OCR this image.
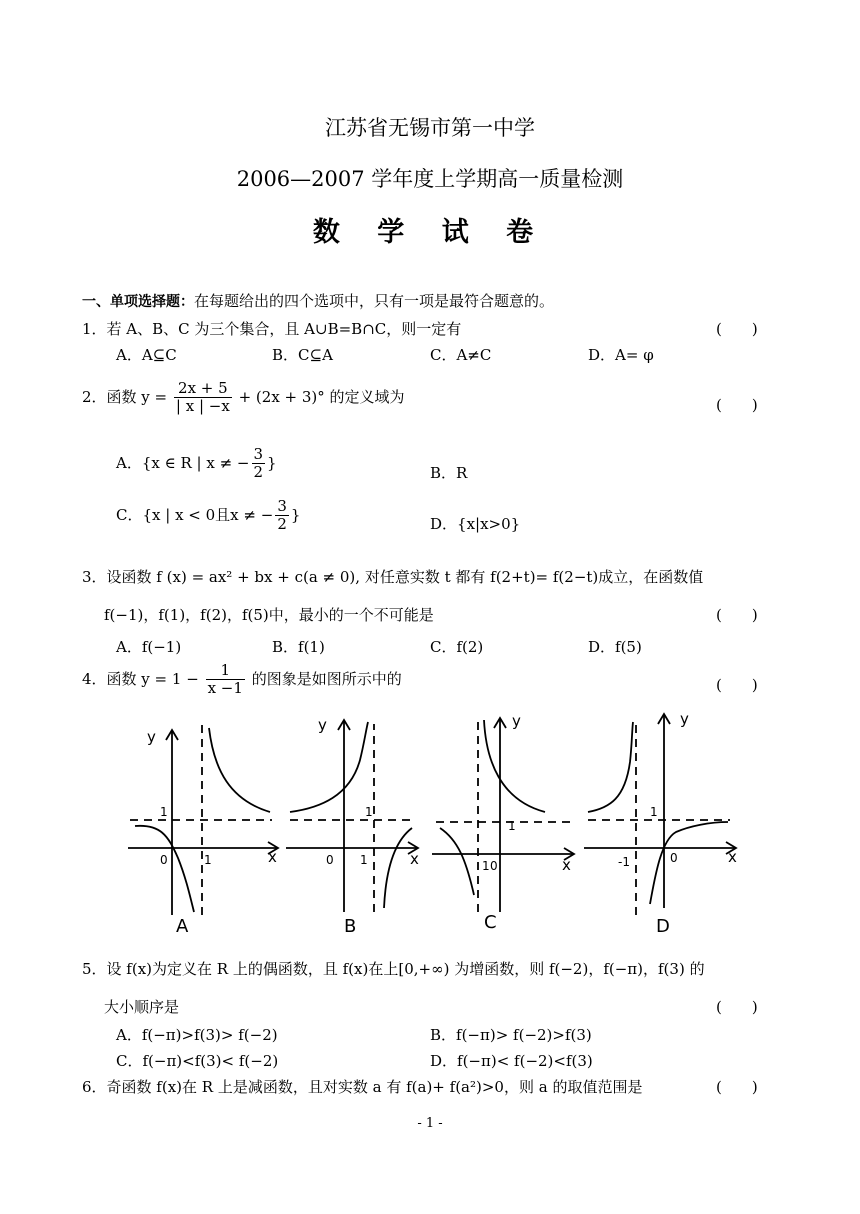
江苏省无锡市第一中学
2006—2007 学年度上学期高一质量检测
数 学 试 卷
一、单项选择题：在每题给出的四个选项中，只有一项是最符合题意的。
1．若 A、B、C 为三个集合，且 A∪B=B∩C，则一定有	(　　)
A．A⊆C	B．C⊆A	C．A≠C	D．A= φ
2．函数 $y = \frac{2x + 5}{| x | -x} + (2x + 3)^\circ$ 的定义域为	(　　)
A．{x ∈ R | x ≠ − $\frac{3}{2}$ }
B．R
C．{x | x < 0且x ≠ − $\frac{3}{2}$ }
D．{x|x>0}
3．设函数 f (x) = ax² + bx + c(a ≠ 0), 对任意实数 t 都有 f(2+t)= f(2−t)成立，在函数值
f(−1)，f(1)，f(2)，f(5)中，最小的一个不可能是	(　　)
A．f(−1)	B．f(1)	C．f(2)	D．f(5)
4．函数 $y = 1 - \frac{1}{x -1}$ 的图象是如图所示中的	(　　)
y
1
0	1	x
A
y
1
0 1	x
B
y
1
0
1	x
C
y
1
0
-1	x
D
5．设 f(x)为定义在 R 上的偶函数，且 f(x)在上[0,+∞) 为增函数，则 f(−2)，f(−π)，f(3) 的
大小顺序是	(　　)
A．f(−π)>f(3)> f(−2)	B．f(−π)> f(−2)>f(3)
C．f(−π)<f(3)< f(−2)	D．f(−π)< f(−2)<f(3)
6．奇函数 f(x)在 R 上是减函数，且对实数 a 有 f(a)+ f(a²)>0，则 a 的取值范围是	(　　)
- 1 -
